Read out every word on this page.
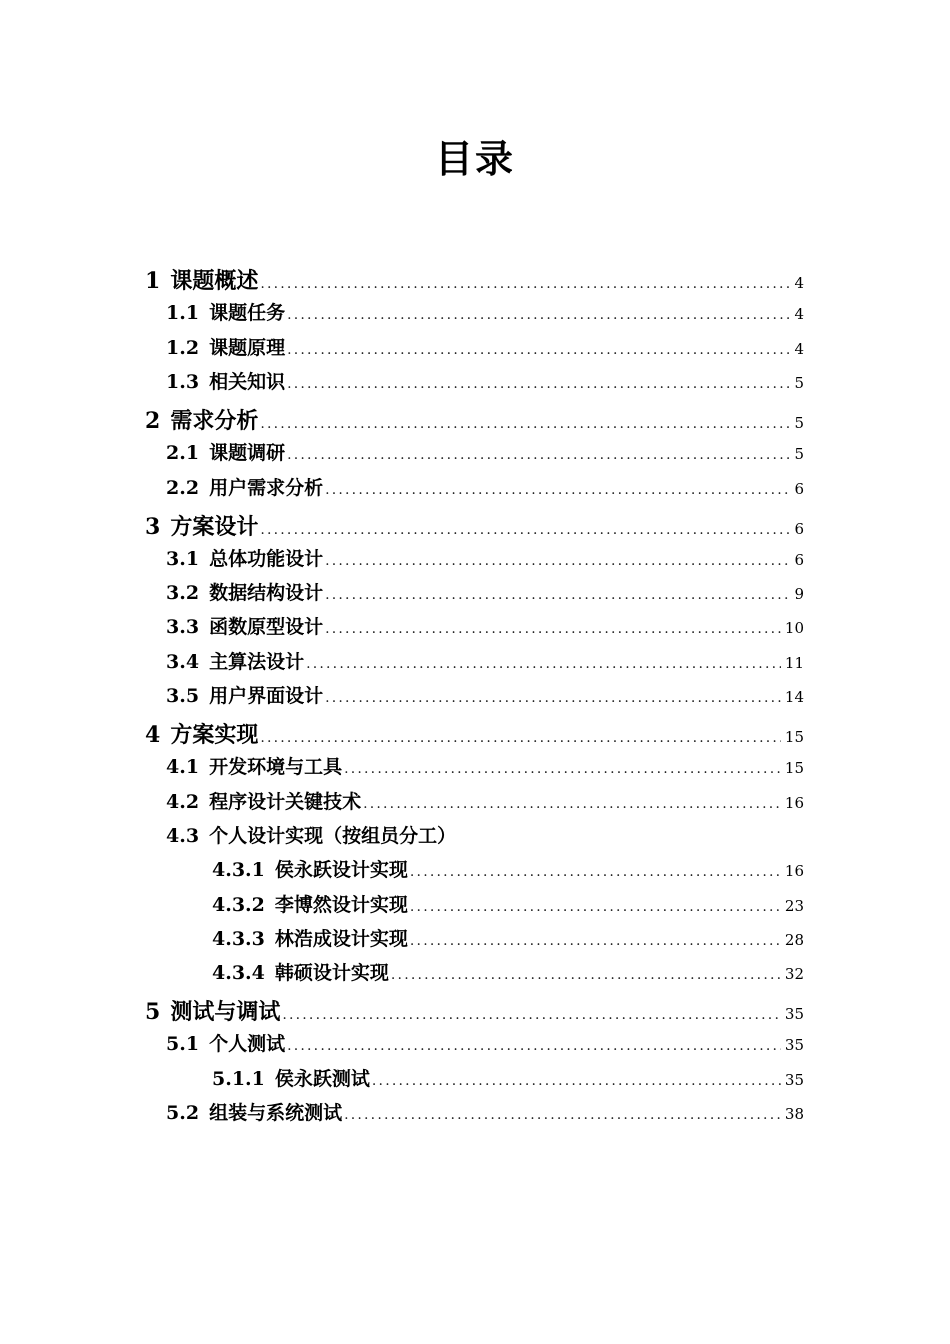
目录
1 课题概述 .....	4
1.1 课题任务 .....	4
1.2 课题原理 .....	4
1.3 相关知识 .....	5
2 需求分析 .....	5
2.1 课题调研 .....	5
2.2 用户需求分析 .....	6
3 方案设计 .....	6
3.1 总体功能设计 .....	6
3.2 数据结构设计 .....	9
3.3 函数原型设计 .....	10
3.4 主算法设计 .....	11
3.5 用户界面设计 .....	14
4 方案实现 .....	15
4.1 开发环境与工具 .....	15
4.2 程序设计关键技术 .....	16
4.3 个人设计实现（按组员分工）
4.3.1 侯永跃设计实现 .....	16
4.3.2 李博然设计实现 .....	23
4.3.3 林浩成设计实现 .....	28
4.3.4 韩硕设计实现 .....	32
5 测试与调试 .....	35
5.1 个人测试 .....	35
5.1.1 侯永跃测试 .....	35
5.2 组装与系统测试 .....	38
